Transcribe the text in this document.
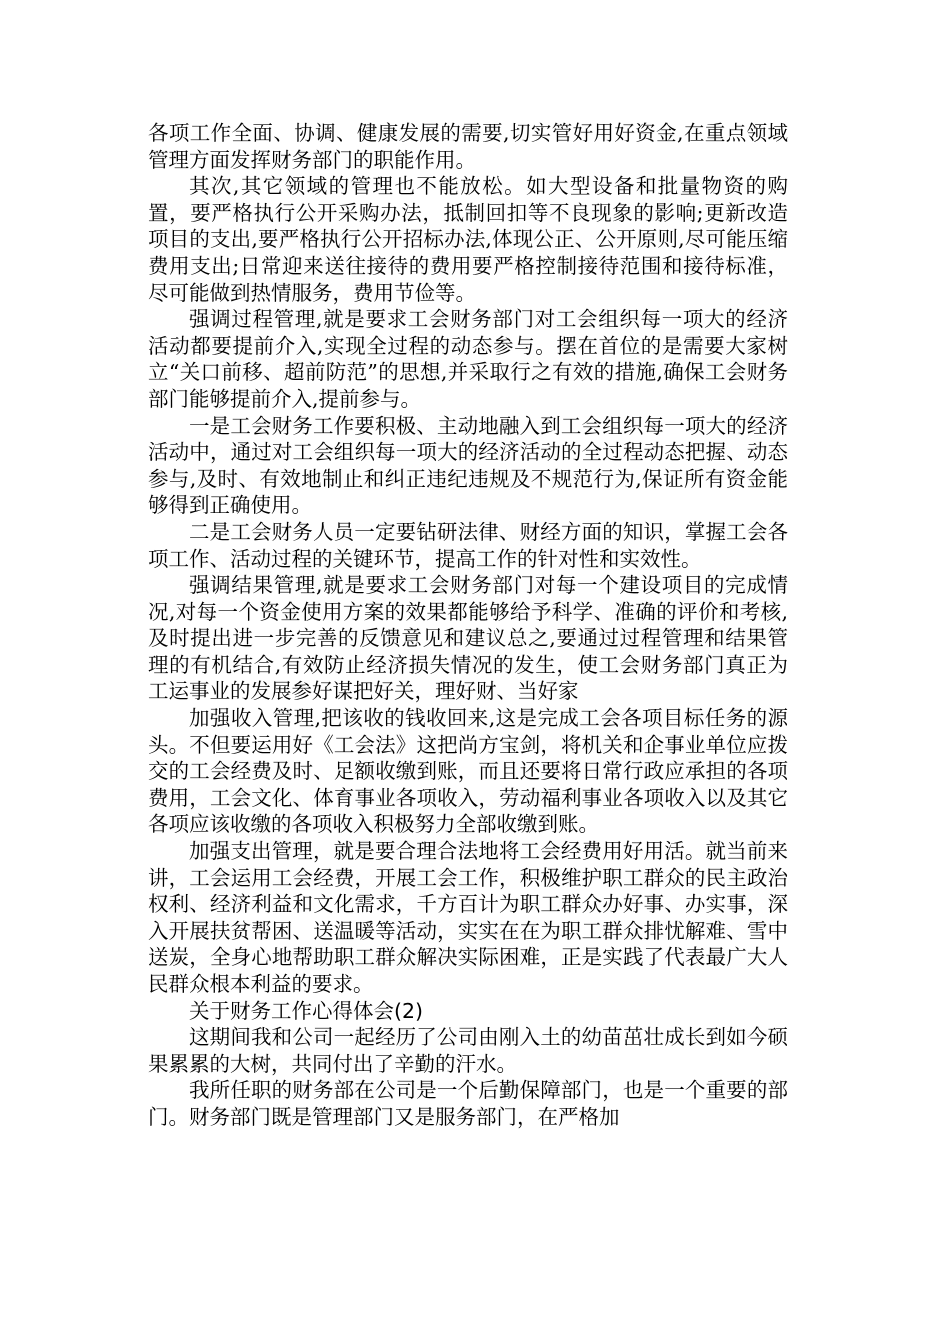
各项工作全面、协调、健康发展的需要,切实管好用好资金,在重点领域管理方面发挥财务部门的职能作用。

其次,其它领域的管理也不能放松。如大型设备和批量物资的购置，要严格执行公开采购办法，抵制回扣等不良现象的影响;更新改造项目的支出,要严格执行公开招标办法,体现公正、公开原则,尽可能压缩费用支出;日常迎来送往接待的费用要严格控制接待范围和接待标准，尽可能做到热情服务，费用节俭等。

强调过程管理,就是要求工会财务部门对工会组织每一项大的经济活动都要提前介入,实现全过程的动态参与。摆在首位的是需要大家树立“关口前移、超前防范”的思想,并采取行之有效的措施,确保工会财务部门能够提前介入,提前参与。

一是工会财务工作要积极、主动地融入到工会组织每一项大的经济活动中，通过对工会组织每一项大的经济活动的全过程动态把握、动态参与,及时、有效地制止和纠正违纪违规及不规范行为,保证所有资金能够得到正确使用。

二是工会财务人员一定要钻研法律、财经方面的知识，掌握工会各项工作、活动过程的关键环节，提高工作的针对性和实效性。

强调结果管理,就是要求工会财务部门对每一个建设项目的完成情况,对每一个资金使用方案的效果都能够给予科学、准确的评价和考核,及时提出进一步完善的反馈意见和建议总之,要通过过程管理和结果管理的有机结合,有效防止经济损失情况的发生，使工会财务部门真正为工运事业的发展参好谋把好关，理好财、当好家

加强收入管理,把该收的钱收回来,这是完成工会各项目标任务的源头。不但要运用好《工会法》这把尚方宝剑，将机关和企事业单位应拨交的工会经费及时、足额收缴到账，而且还要将日常行政应承担的各项费用，工会文化、体育事业各项收入，劳动福利事业各项收入以及其它各项应该收缴的各项收入积极努力全部收缴到账。

加强支出管理，就是要合理合法地将工会经费用好用活。就当前来讲，工会运用工会经费，开展工会工作，积极维护职工群众的民主政治权利、经济利益和文化需求，千方百计为职工群众办好事、办实事，深入开展扶贫帮困、送温暖等活动，实实在在为职工群众排忧解难、雪中送炭，全身心地帮助职工群众解决实际困难，正是实践了代表最广大人民群众根本利益的要求。

关于财务工作心得体会(2)

这期间我和公司一起经历了公司由刚入土的幼苗茁壮成长到如今硕果累累的大树，共同付出了辛勤的汗水。

我所任职的财务部在公司是一个后勤保障部门，也是一个重要的部门。财务部门既是管理部门又是服务部门，在严格加
